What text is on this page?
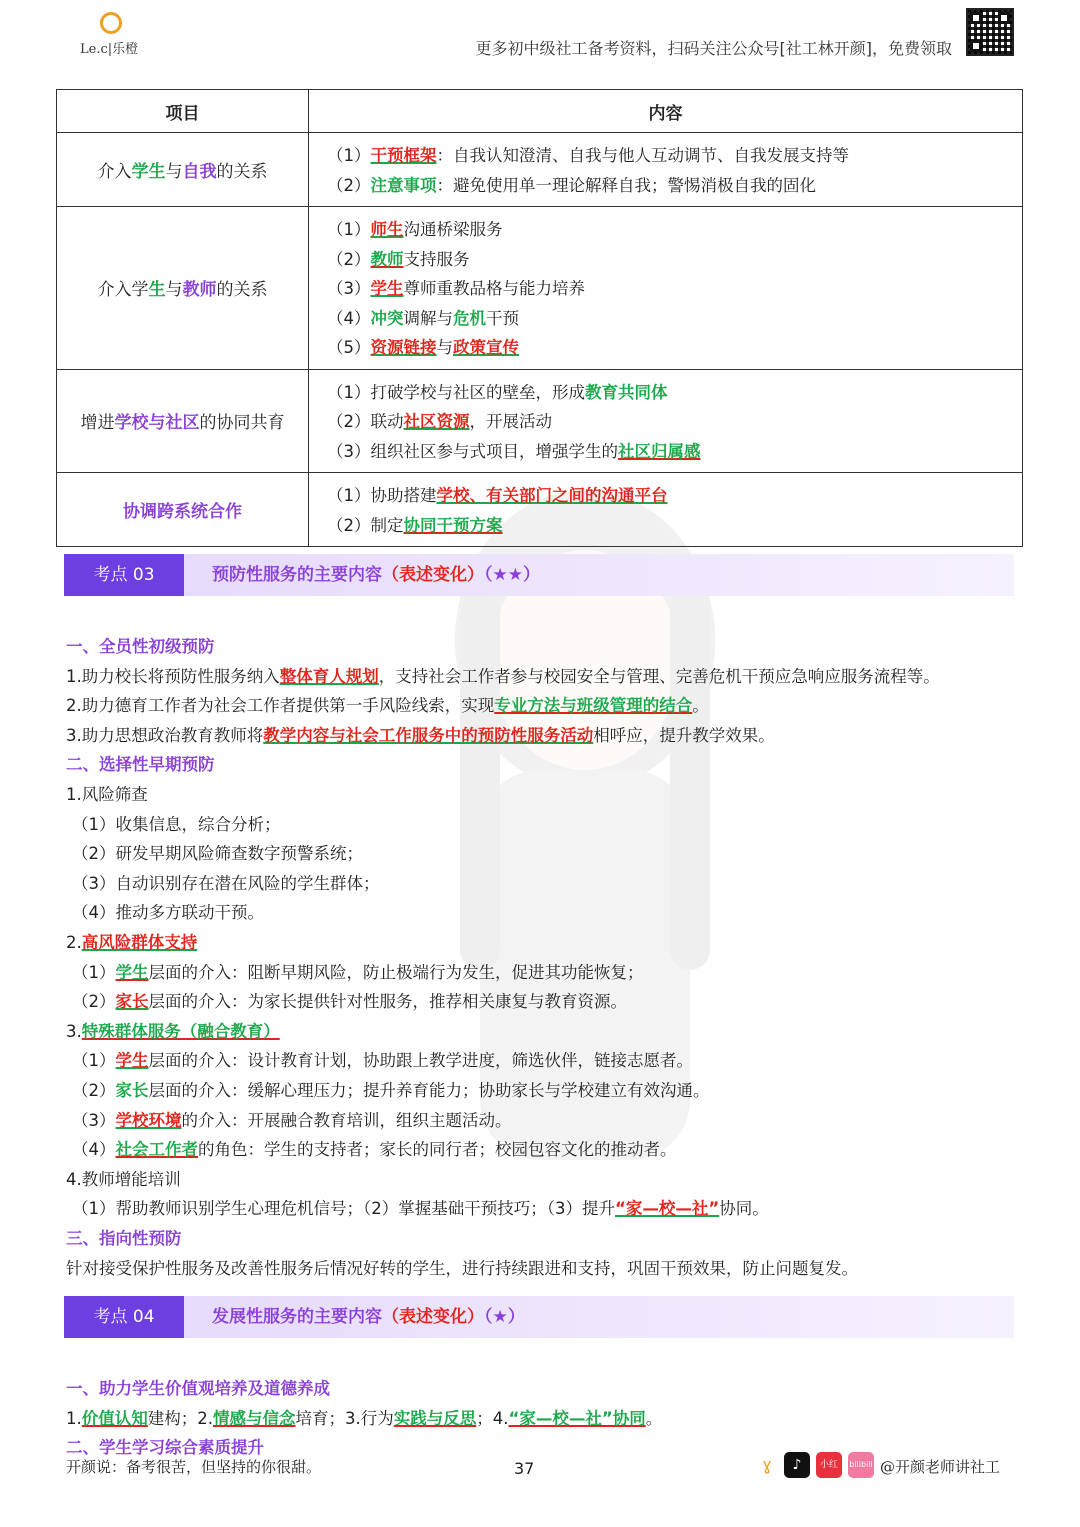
Le.c|乐橙	更多初中级社工备考资料，扫码关注公众号[社工林开颜]，免费领取
项目	内容
介入学生与自我的关系	（1）干预框架：自我认知澄清、自我与他人互动调节、自我发展支持等
（2）注意事项：避免使用单一理论解释自我；警惕消极自我的固化

介入学生与教师的关系	（1）师生沟通桥梁服务
（2）教师支持服务
（3）学生尊师重教品格与能力培养
（4）冲突调解与危机干预
（5）资源链接与政策宣传

增进学校与社区的协同共育	（1）打破学校与社区的壁垒，形成教育共同体
（2）联动社区资源，开展活动
（3）组织社区参与式项目，增强学生的社区归属感

协调跨系统合作	（1）协助搭建学校、有关部门之间的沟通平台
（2）制定协同干预方案
考点 03	预防性服务的主要内容（表述变化）（★★）
一、全员性初级预防
1.助力校长将预防性服务纳入整体育人规划，支持社会工作者参与校园安全与管理、完善危机干预应急响应服务流程等。
2.助力德育工作者为社会工作者提供第一手风险线索，实现专业方法与班级管理的结合。
3.助力思想政治教育教师将教学内容与社会工作服务中的预防性服务活动相呼应，提升教学效果。
二、选择性早期预防
1.风险筛查
（1）收集信息，综合分析；
（2）研发早期风险筛查数字预警系统；
（3）自动识别存在潜在风险的学生群体；
（4）推动多方联动干预。
2.高风险群体支持
（1）学生层面的介入：阻断早期风险，防止极端行为发生，促进其功能恢复；
（2）家长层面的介入：为家长提供针对性服务，推荐相关康复与教育资源。
3.特殊群体服务（融合教育）
（1）学生层面的介入：设计教育计划，协助跟上教学进度，筛选伙伴，链接志愿者。
（2）家长层面的介入：缓解心理压力；提升养育能力；协助家长与学校建立有效沟通。
（3）学校环境的介入：开展融合教育培训，组织主题活动。
（4）社会工作者的角色：学生的支持者；家长的同行者；校园包容文化的推动者。
4.教师增能培训
（1）帮助教师识别学生心理危机信号；（2）掌握基础干预技巧；（3）提升“家—校—社”协同。
三、指向性预防
针对接受保护性服务及改善性服务后情况好转的学生，进行持续跟进和支持，巩固干预效果，防止问题复发。
考点 04	发展性服务的主要内容（表述变化）（★）
一、助力学生价值观培养及道德养成
1.价值认知建构；2.情感与信念培育；3.行为实践与反思；4.“家—校—社”协同。
二、学生学习综合素质提升
开颜说：备考很苦，但坚持的你很甜。	37	ɣ	♪	小红书
bilibili @开颜老师讲社工
